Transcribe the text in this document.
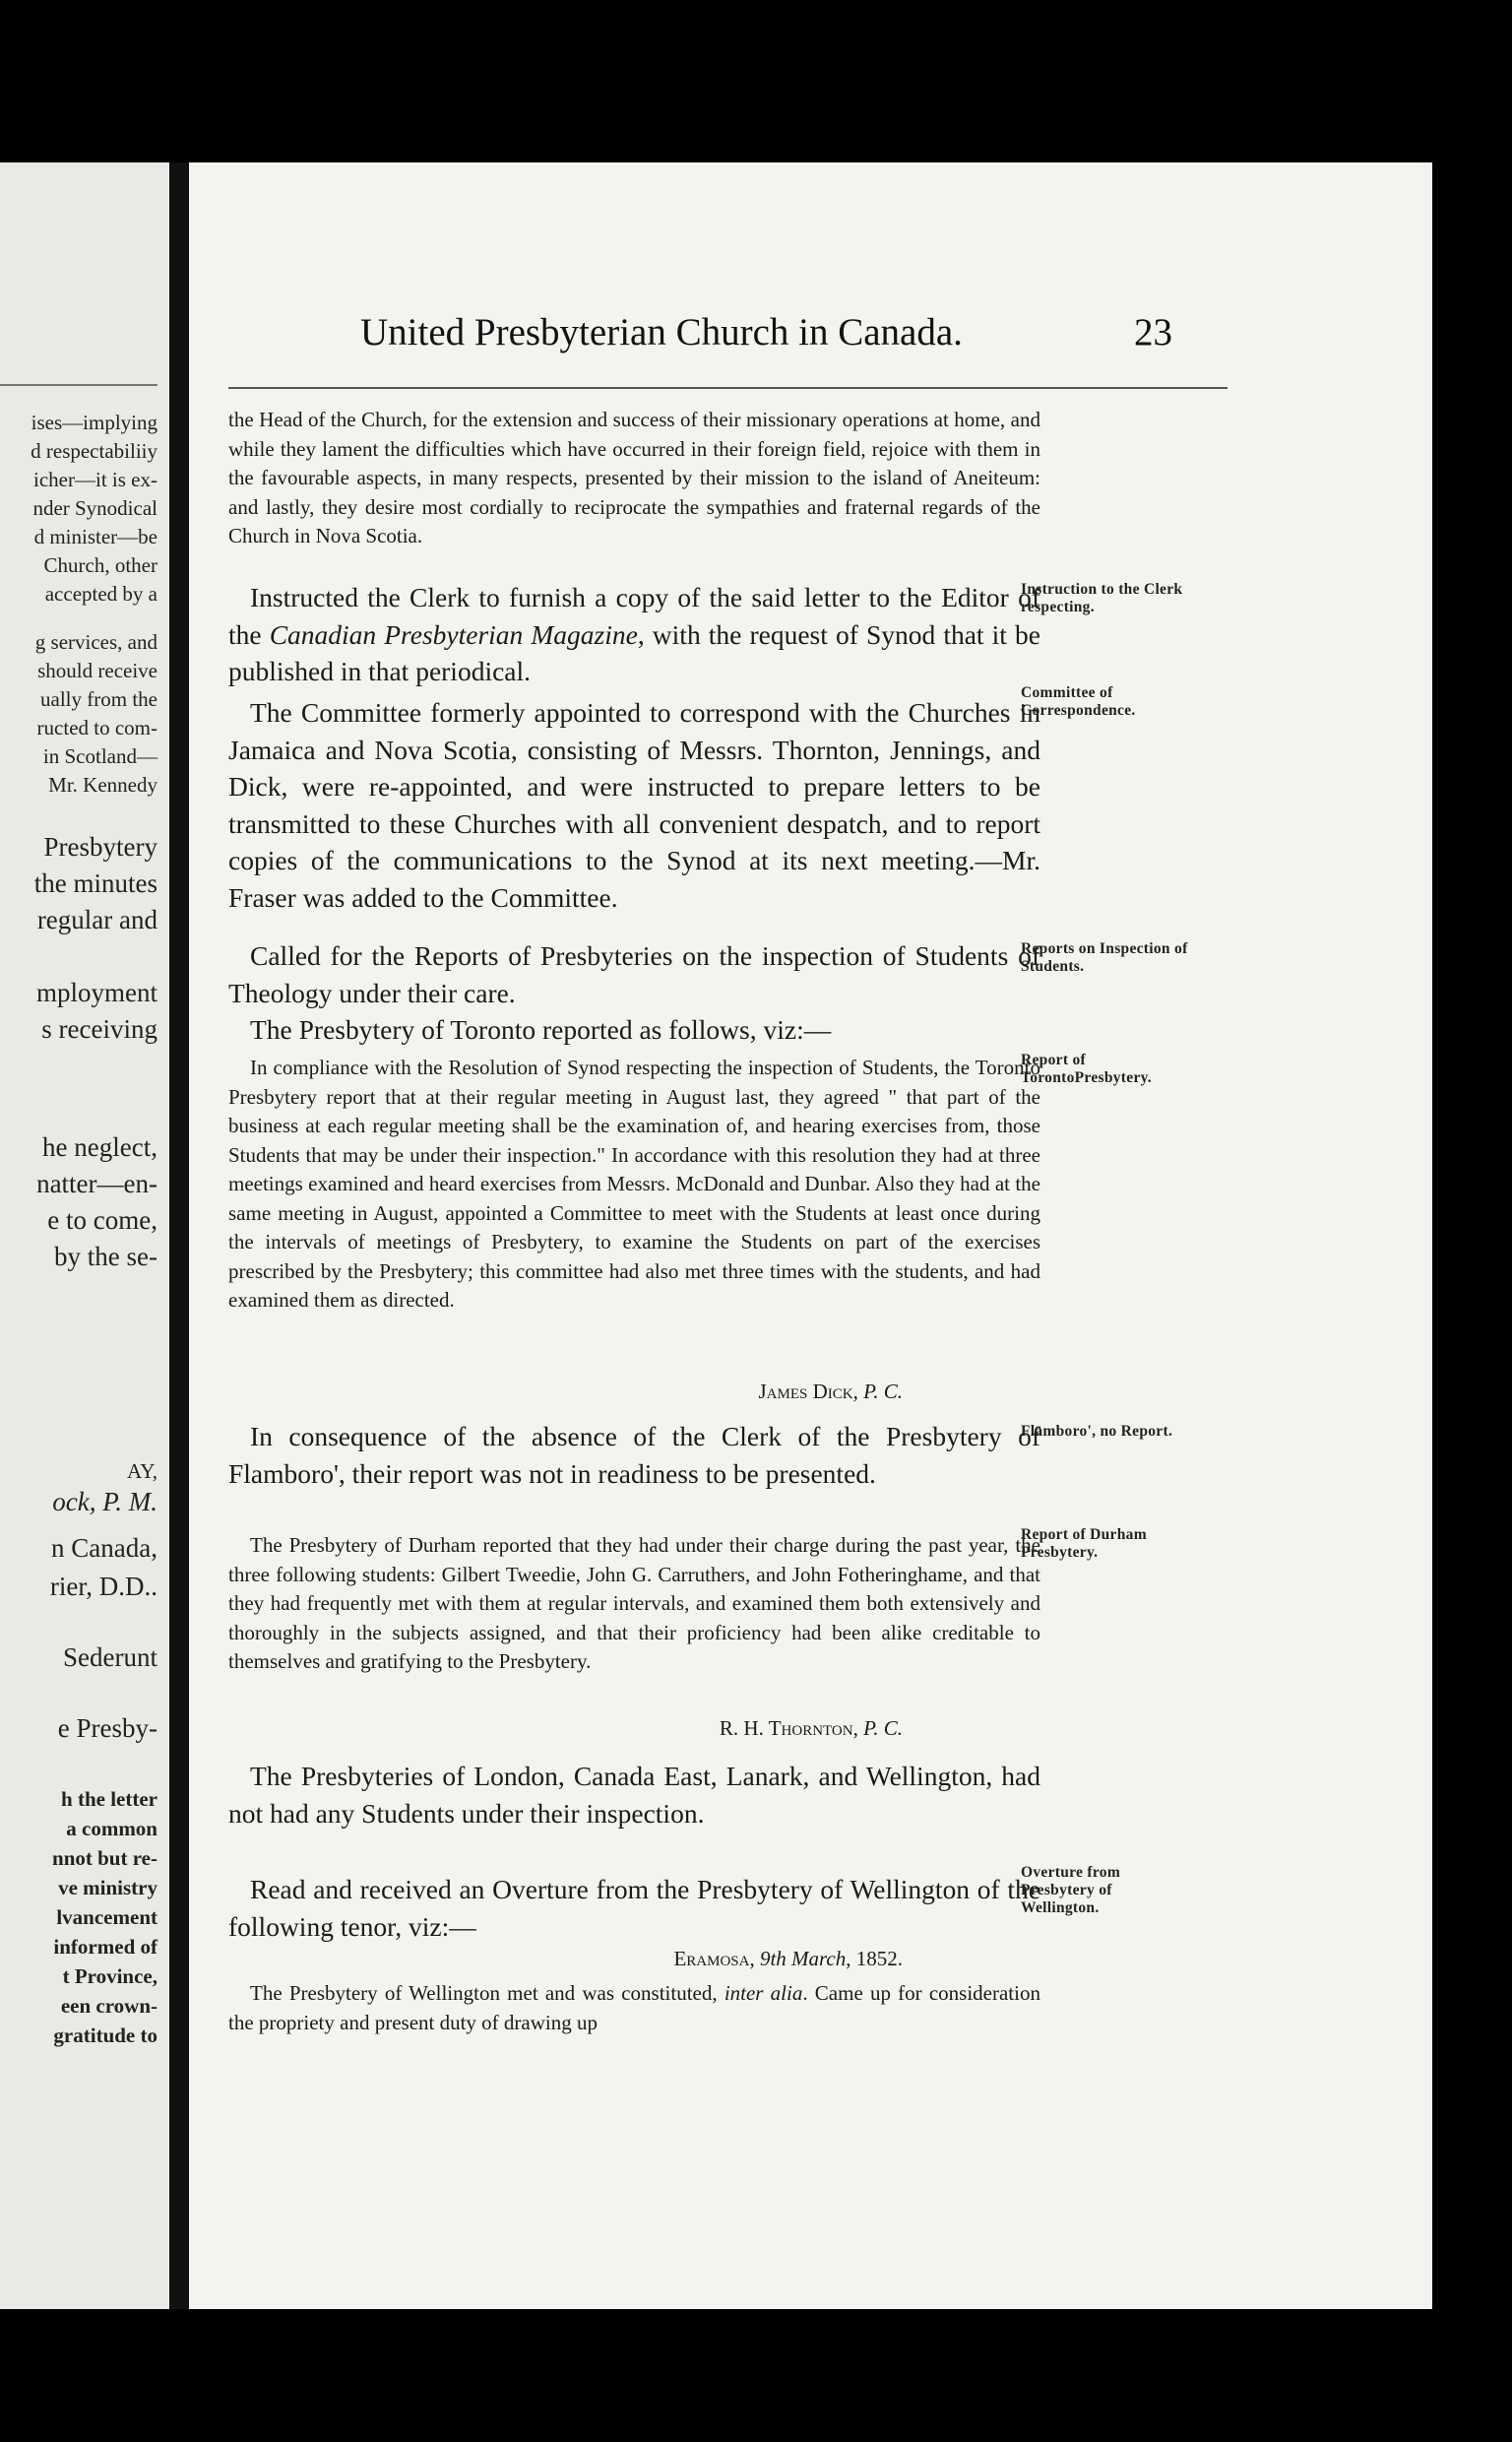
ises—implying
d respectabiliiy
icher—it is ex-
nder Synodical
d minister—be
Church, other
accepted by a
g services, and
should receive
ually from the
ructed to com-
in Scotland—
Mr. Kennedy
Presbytery
the minutes
regular and
mployment
s receiving
he neglect,
natter—en-
e to come,
by the se-
AY,
ock, P. M.
n Canada,
rier, D.D..
Sederunt
e Presby-
h the letter
a common
nnot but re-
ve ministry
lvancement
informed of
t Province,
een crown-
gratitude to
United Presbyterian Church in Canada.	23

the Head of the Church, for the extension and success of their missionary operations at home, and while they lament the difficulties which have occurred in their foreign field, rejoice with them in the favourable aspects, in many respects, presented by their mission to the island of Aneiteum: and lastly, they desire most cordially to reciprocate the sympathies and fraternal regards of the Church in Nova Scotia.

Instructed the Clerk to furnish a copy of the said letter to the Editor of the Canadian Presbyterian Magazine, with the request of Synod that it be published in that periodical.

The Committee formerly appointed to correspond with the Churches in Jamaica and Nova Scotia, consisting of Messrs. Thornton, Jennings, and Dick, were re-appointed, and were instructed to prepare letters to be transmitted to these Churches with all convenient despatch, and to report copies of the communications to the Synod at its next meeting.—Mr. Fraser was added to the Committee.

Called for the Reports of Presbyteries on the inspection of Students of Theology under their care.

The Presbytery of Toronto reported as follows, viz:—

In compliance with the Resolution of Synod respecting the inspection of Students, the Toronto Presbytery report that at their regular meeting in August last, they agreed " that part of the business at each regular meeting shall be the examination of, and hearing exercises from, those Students that may be under their inspection." In accordance with this resolution they had at three meetings examined and heard exercises from Messrs. McDonald and Dunbar. Also they had at the same meeting in August, appointed a Committee to meet with the Students at least once during the intervals of meetings of Presbytery, to examine the Students on part of the exercises prescribed by the Presbytery; this committee had also met three times with the students, and had examined them as directed.

James Dick, P. C.

In consequence of the absence of the Clerk of the Presbytery of Flamboro', their report was not in readiness to be presented.

The Presbytery of Durham reported that they had under their charge during the past year, the three following students: Gilbert Tweedie, John G. Carruthers, and John Fotheringhame, and that they had frequently met with them at regular intervals, and examined them both extensively and thoroughly in the subjects assigned, and that their proficiency had been alike creditable to themselves and gratifying to the Presbytery.

R. H. Thornton, P. C.

The Presbyteries of London, Canada East, Lanark, and Wellington, had not had any Students under their inspection.

Read and received an Overture from the Presbytery of Wellington of the following tenor, viz:—

Eramosa, 9th March, 1852.

The Presbytery of Wellington met and was constituted, inter alia. Came up for consideration the propriety and present duty of drawing up

Instruction to the Clerk respecting.
Committee of Correspondence.
Reports on Inspection of Students.
Report of TorontoPresbytery.
Flamboro', no Report.
Report of Durham Presbytery.
Overture from Presbytery of Wellington.
